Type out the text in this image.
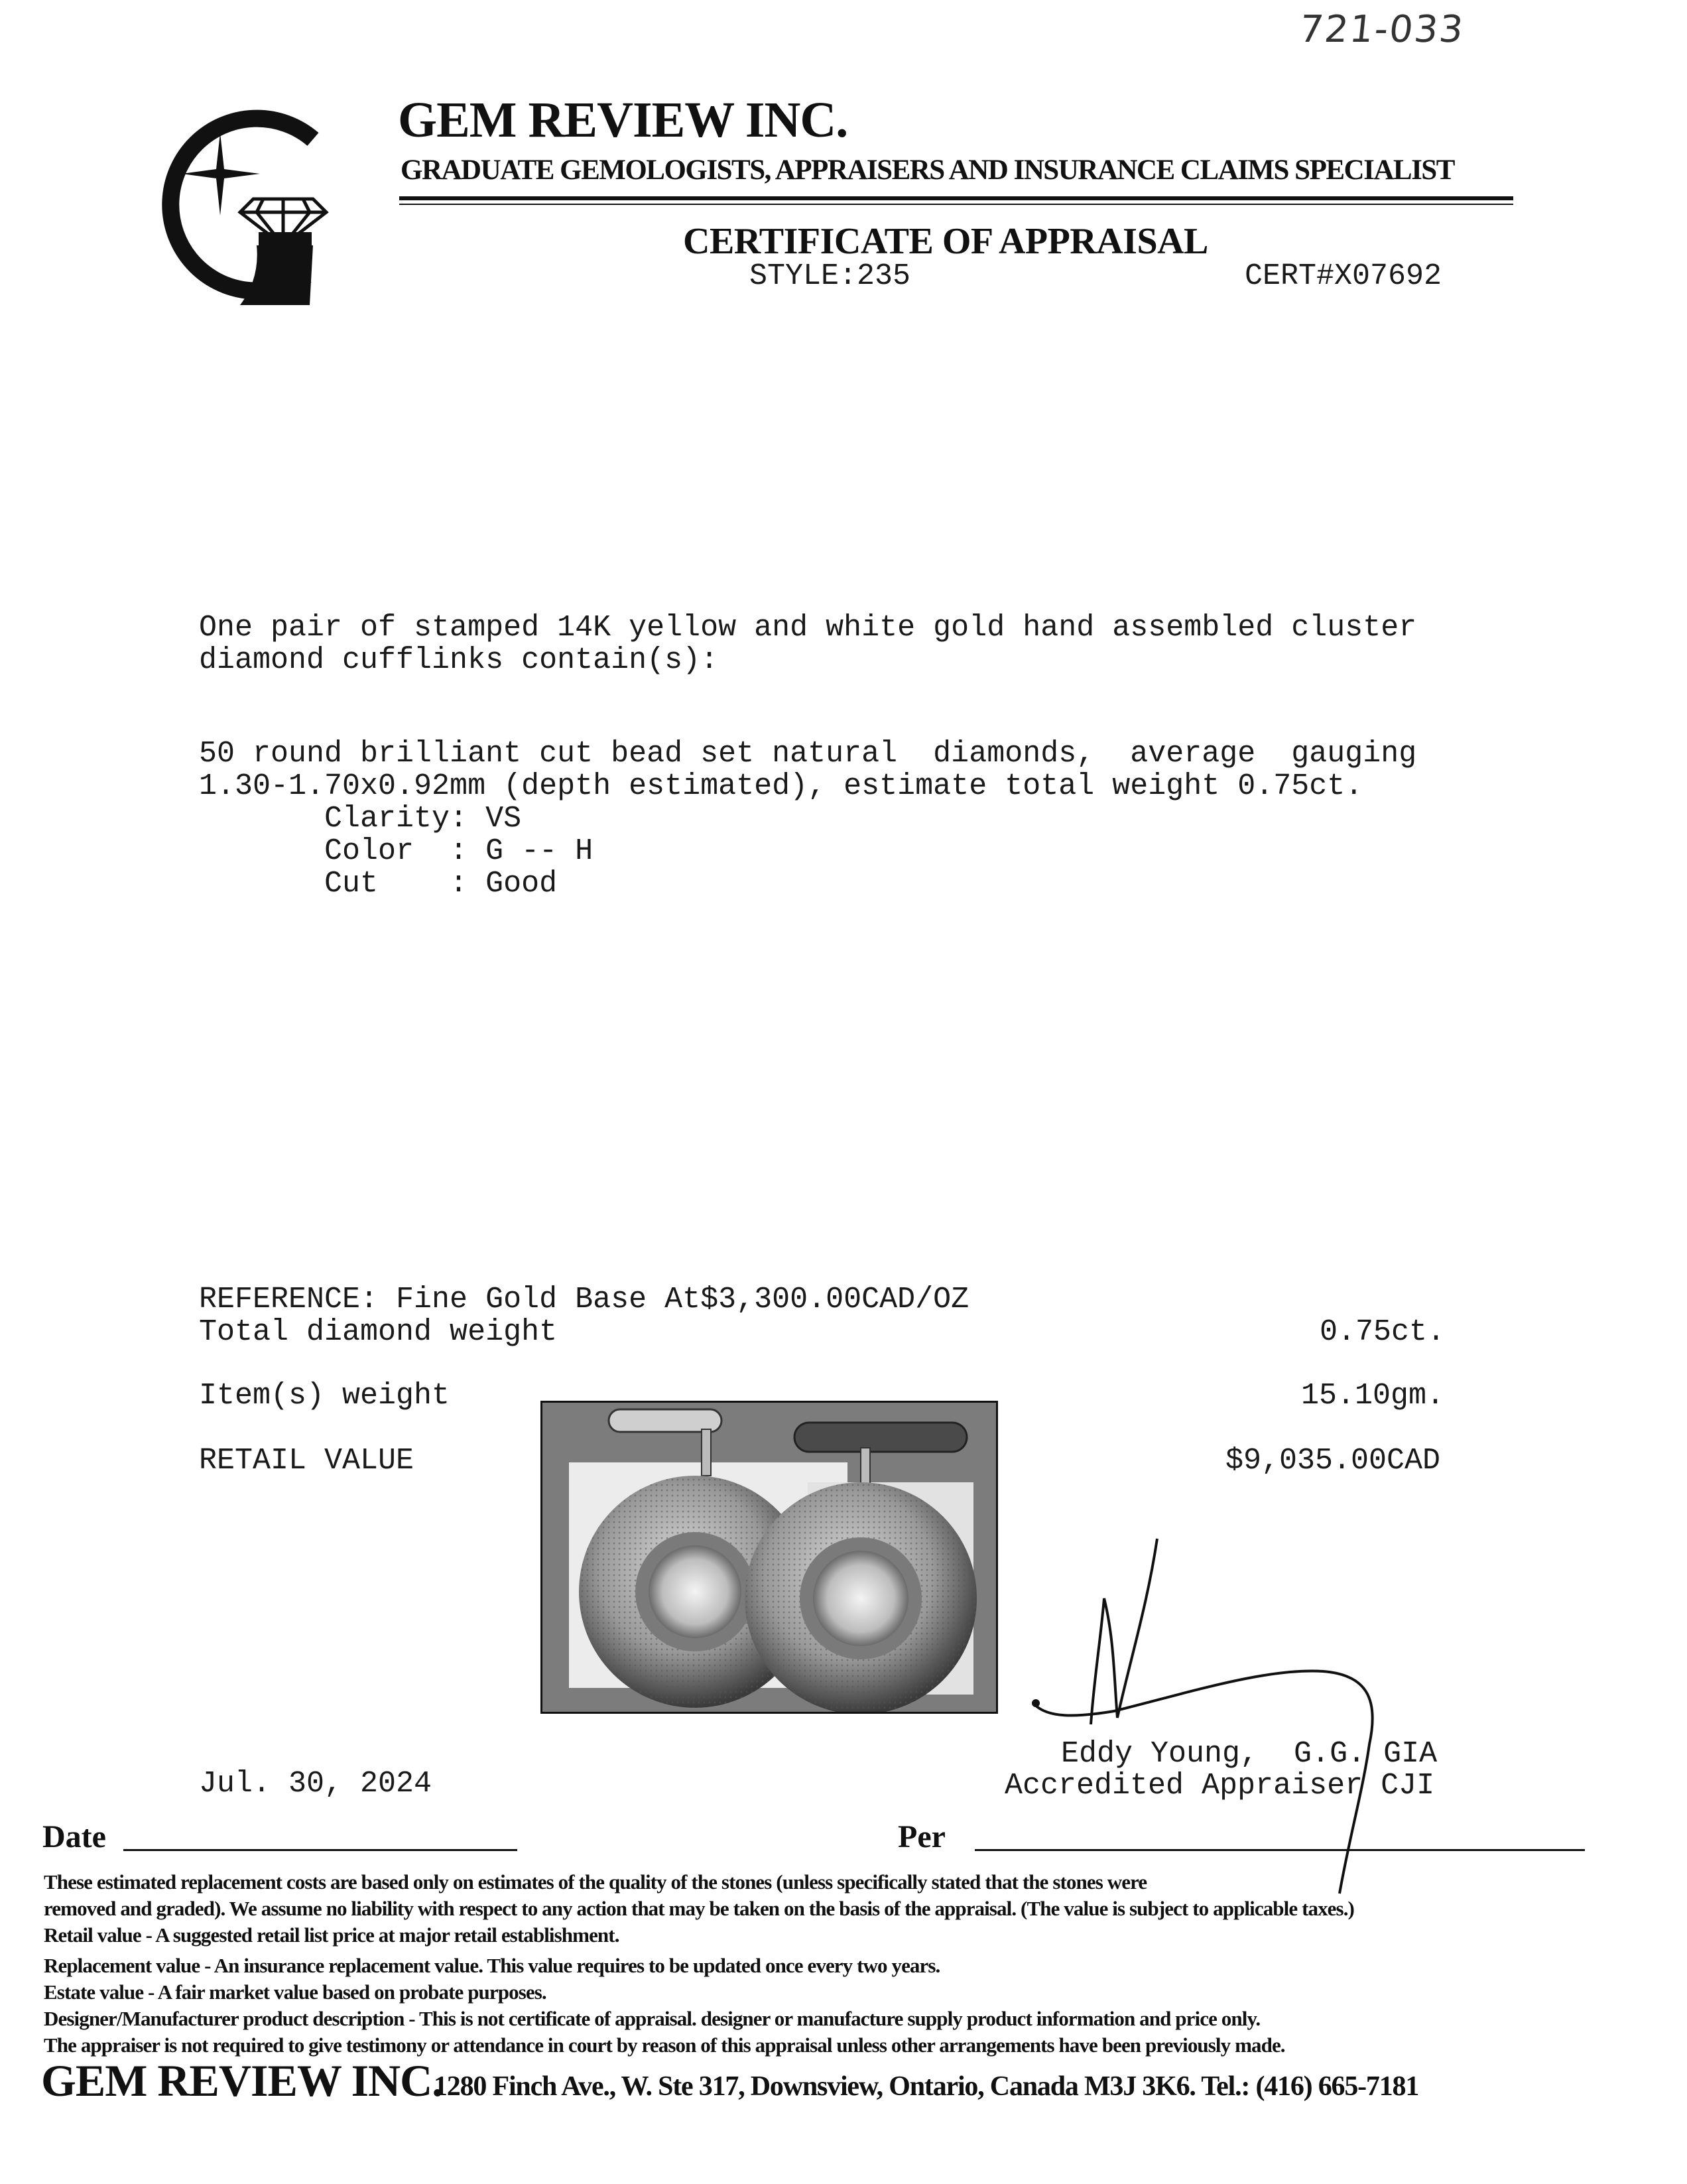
721-033
GEM REVIEW INC.
GRADUATE GEMOLOGISTS, APPRAISERS AND INSURANCE CLAIMS SPECIALIST
CERTIFICATE OF APPRAISAL
STYLE:235	CERT#X07692
One pair of stamped 14K yellow and white gold hand assembled cluster
diamond cufflinks contain(s):
50 round brilliant cut bead set natural  diamonds,  average  gauging
1.30-1.70x0.92mm (depth estimated), estimate total weight 0.75ct.
Clarity: VS
Color  : G -- H
Cut    : Good
REFERENCE: Fine Gold Base At$3,300.00CAD/OZ
Total diamond weight	0.75ct.
Item(s) weight	15.10gm.
RETAIL VALUE	$9,035.00CAD
Eddy Young,  G.G. GIA
Accredited Appraiser CJI
Jul. 30, 2024
Date	Per
These estimated replacement costs are based only on estimates of the quality of the stones (unless specifically stated that the stones were
removed and graded). We assume no liability with respect to any action that may be taken on the basis of the appraisal. (The value is subject to applicable taxes.)
Retail value - A suggested retail list price at major retail establishment.
Replacement value - An insurance replacement value. This value requires to be updated once every two years.
Estate value - A fair market value based on probate purposes.
Designer/Manufacturer product description - This is not certificate of appraisal. designer or manufacture supply product information and price only.
The appraiser is not required to give testimony or attendance in court by reason of this appraisal unless other arrangements have been previously made.
GEM REVIEW INC.
1280 Finch Ave., W. Ste 317, Downsview, Ontario, Canada M3J 3K6. Tel.: (416) 665-7181
